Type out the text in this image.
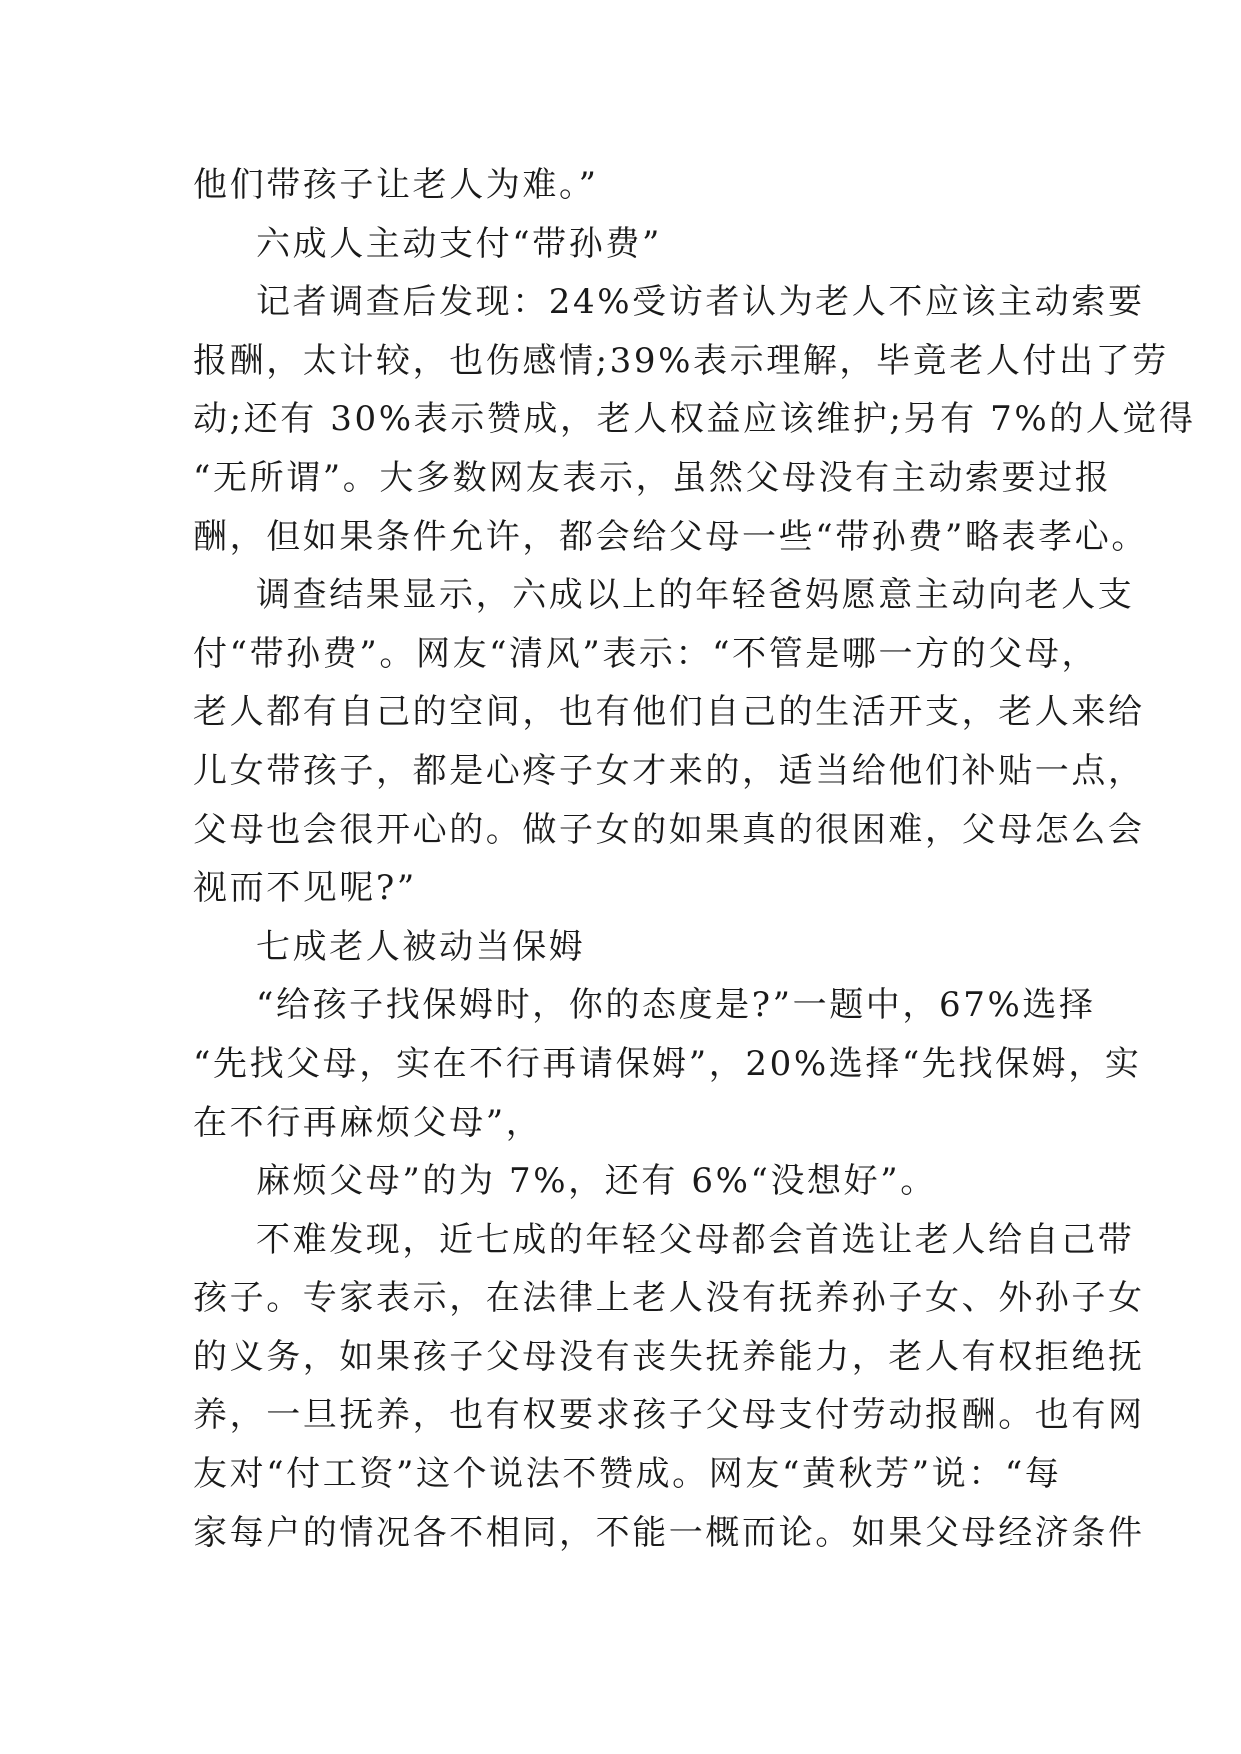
他们带孩子让老人为难。”
六成人主动支付“带孙费”
记者调查后发现：24%受访者认为老人不应该主动索要
报酬，太计较，也伤感情;39%表示理解，毕竟老人付出了劳
动;还有 30%表示赞成，老人权益应该维护;另有 7%的人觉得
“无所谓”。大多数网友表示，虽然父母没有主动索要过报
酬，但如果条件允许，都会给父母一些“带孙费”略表孝心。
调查结果显示，六成以上的年轻爸妈愿意主动向老人支
付“带孙费”。网友“清风”表示：“不管是哪一方的父母，
老人都有自己的空间，也有他们自己的生活开支，老人来给
儿女带孩子，都是心疼子女才来的，适当给他们补贴一点，
父母也会很开心的。做子女的如果真的很困难，父母怎么会
视而不见呢?”
七成老人被动当保姆
“给孩子找保姆时，你的态度是?”一题中，67%选择
“先找父母，实在不行再请保姆”，20%选择“先找保姆，实
在不行再麻烦父母”，
麻烦父母”的为 7%，还有 6%“没想好”。
不难发现，近七成的年轻父母都会首选让老人给自己带
孩子。专家表示，在法律上老人没有抚养孙子女、外孙子女
的义务，如果孩子父母没有丧失抚养能力，老人有权拒绝抚
养，一旦抚养，也有权要求孩子父母支付劳动报酬。也有网
友对“付工资”这个说法不赞成。网友“黄秋芳”说：“每
家每户的情况各不相同，不能一概而论。如果父母经济条件
